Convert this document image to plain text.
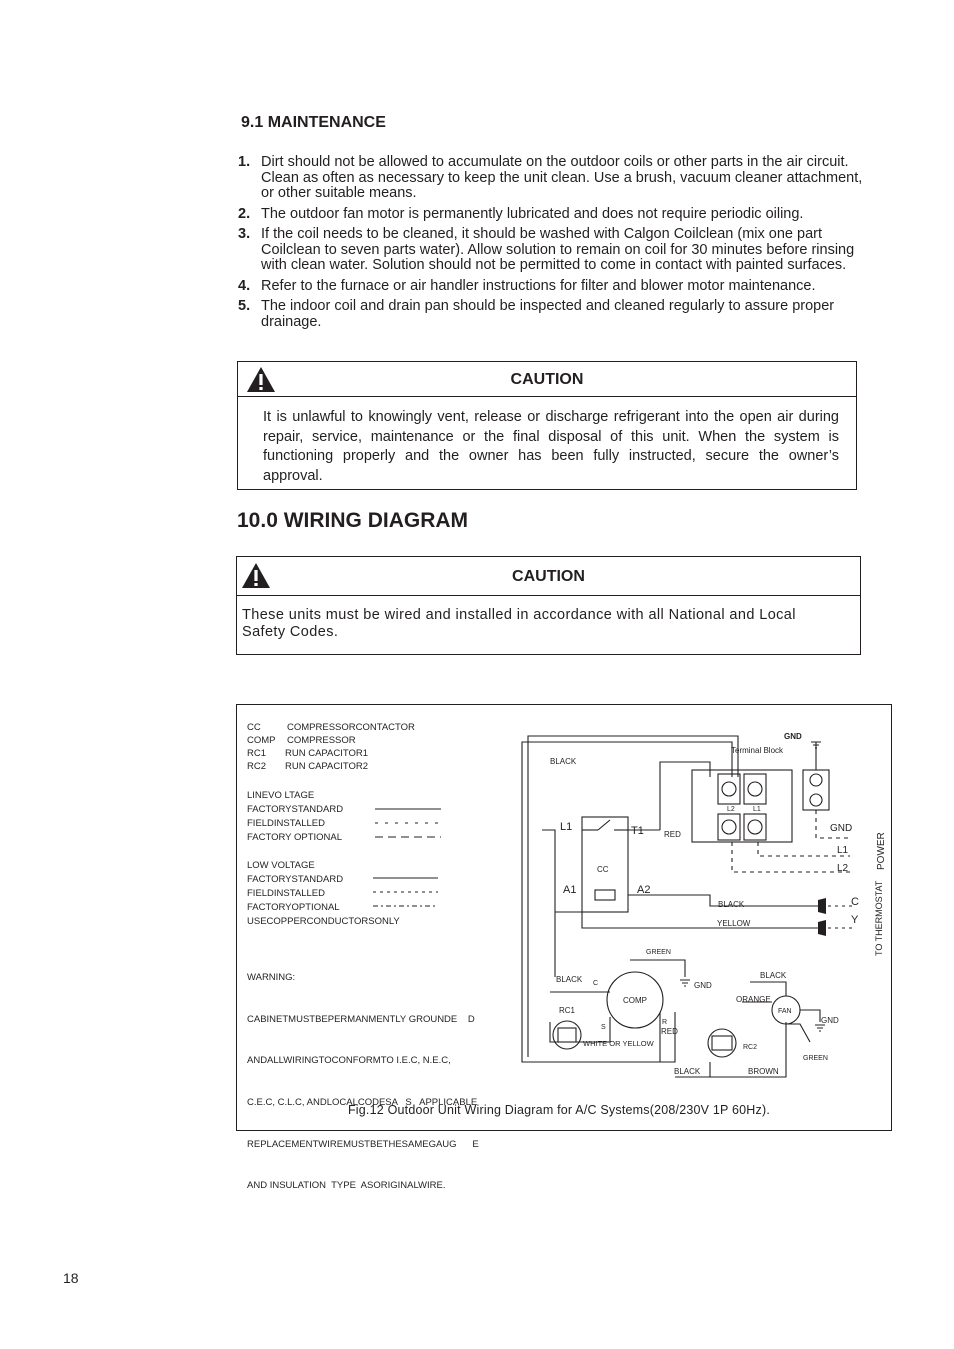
9.1 MAINTENANCE
1. Dirt should not be allowed to accumulate on the outdoor coils or other parts in the air circuit. Clean as often as necessary to keep the unit clean. Use a brush, vacuum cleaner attachment, or other suitable means.
2. The outdoor fan motor is permanently lubricated and does not require periodic oiling.
3. If the coil needs to be cleaned, it should be washed with Calgon Coilclean (mix one part Coilclean to seven parts water). Allow solution to remain on coil for 30 minutes before rinsing with clean water. Solution should not be permitted to come in contact with painted surfaces.
4. Refer to the furnace or air handler instructions for filter and blower motor maintenance.
5. The indoor coil and drain pan should be inspected and cleaned regularly to assure proper drainage.
CAUTION
It is unlawful to knowingly vent, release or discharge refrigerant into the open air during repair, service, maintenance or the final disposal of this unit. When the system is functioning properly and the owner has been fully instructed, secure the owner’s approval.
10.0 WIRING DIAGRAM
CAUTION
These units must be wired and installed in accordance with all National and Local Safety Codes.
CC	COMPRESSORCONTACTOR
COMP COMPRESSOR
RC1 RUN CAPACITOR1
RC2 RUN CAPACITOR2
LINEVO LTAGE
FACTORYSTANDARD
FIELDINSTALLED
FACTORY OPTIONAL
LOW VOLTAGE
FACTORYSTANDARD
FIELDINSTALLED
FACTORYOPTIONAL
USECOPPERCONDUCTORSONLY

WARNING:

CABINETMUSTBEPERMANMENTLY GROUNDE    D

ANDALLWIRINGTOCONFORMTO I.E.C, N.E.C,

C.E.C, C.L.C, ANDLOCALCODESA   S   APPLICABLE

REPLACEMENTWIREMUSTBETHESAMEGAUG      E

AND INSULATION  TYPE  ASORIGINALWIRE.

Terminal Block
GND
BLACK
L1	T1	RED
CC
A1	A2
BLACK
YELLOW
GND
L1
L2
C
Y
L2	L1
GREEN
BLACK C
COMP
GND
BLACK
ORANGE
FAN
GND
RC1
S
R
RED
WHITE OR YELLOW	RC2
GREEN
BLACK	BROWN
TO THERMOSTAT
POWER
Fig.12 Outdoor Unit Wiring Diagram for A/C Systems(208/230V 1P 60Hz).
18
